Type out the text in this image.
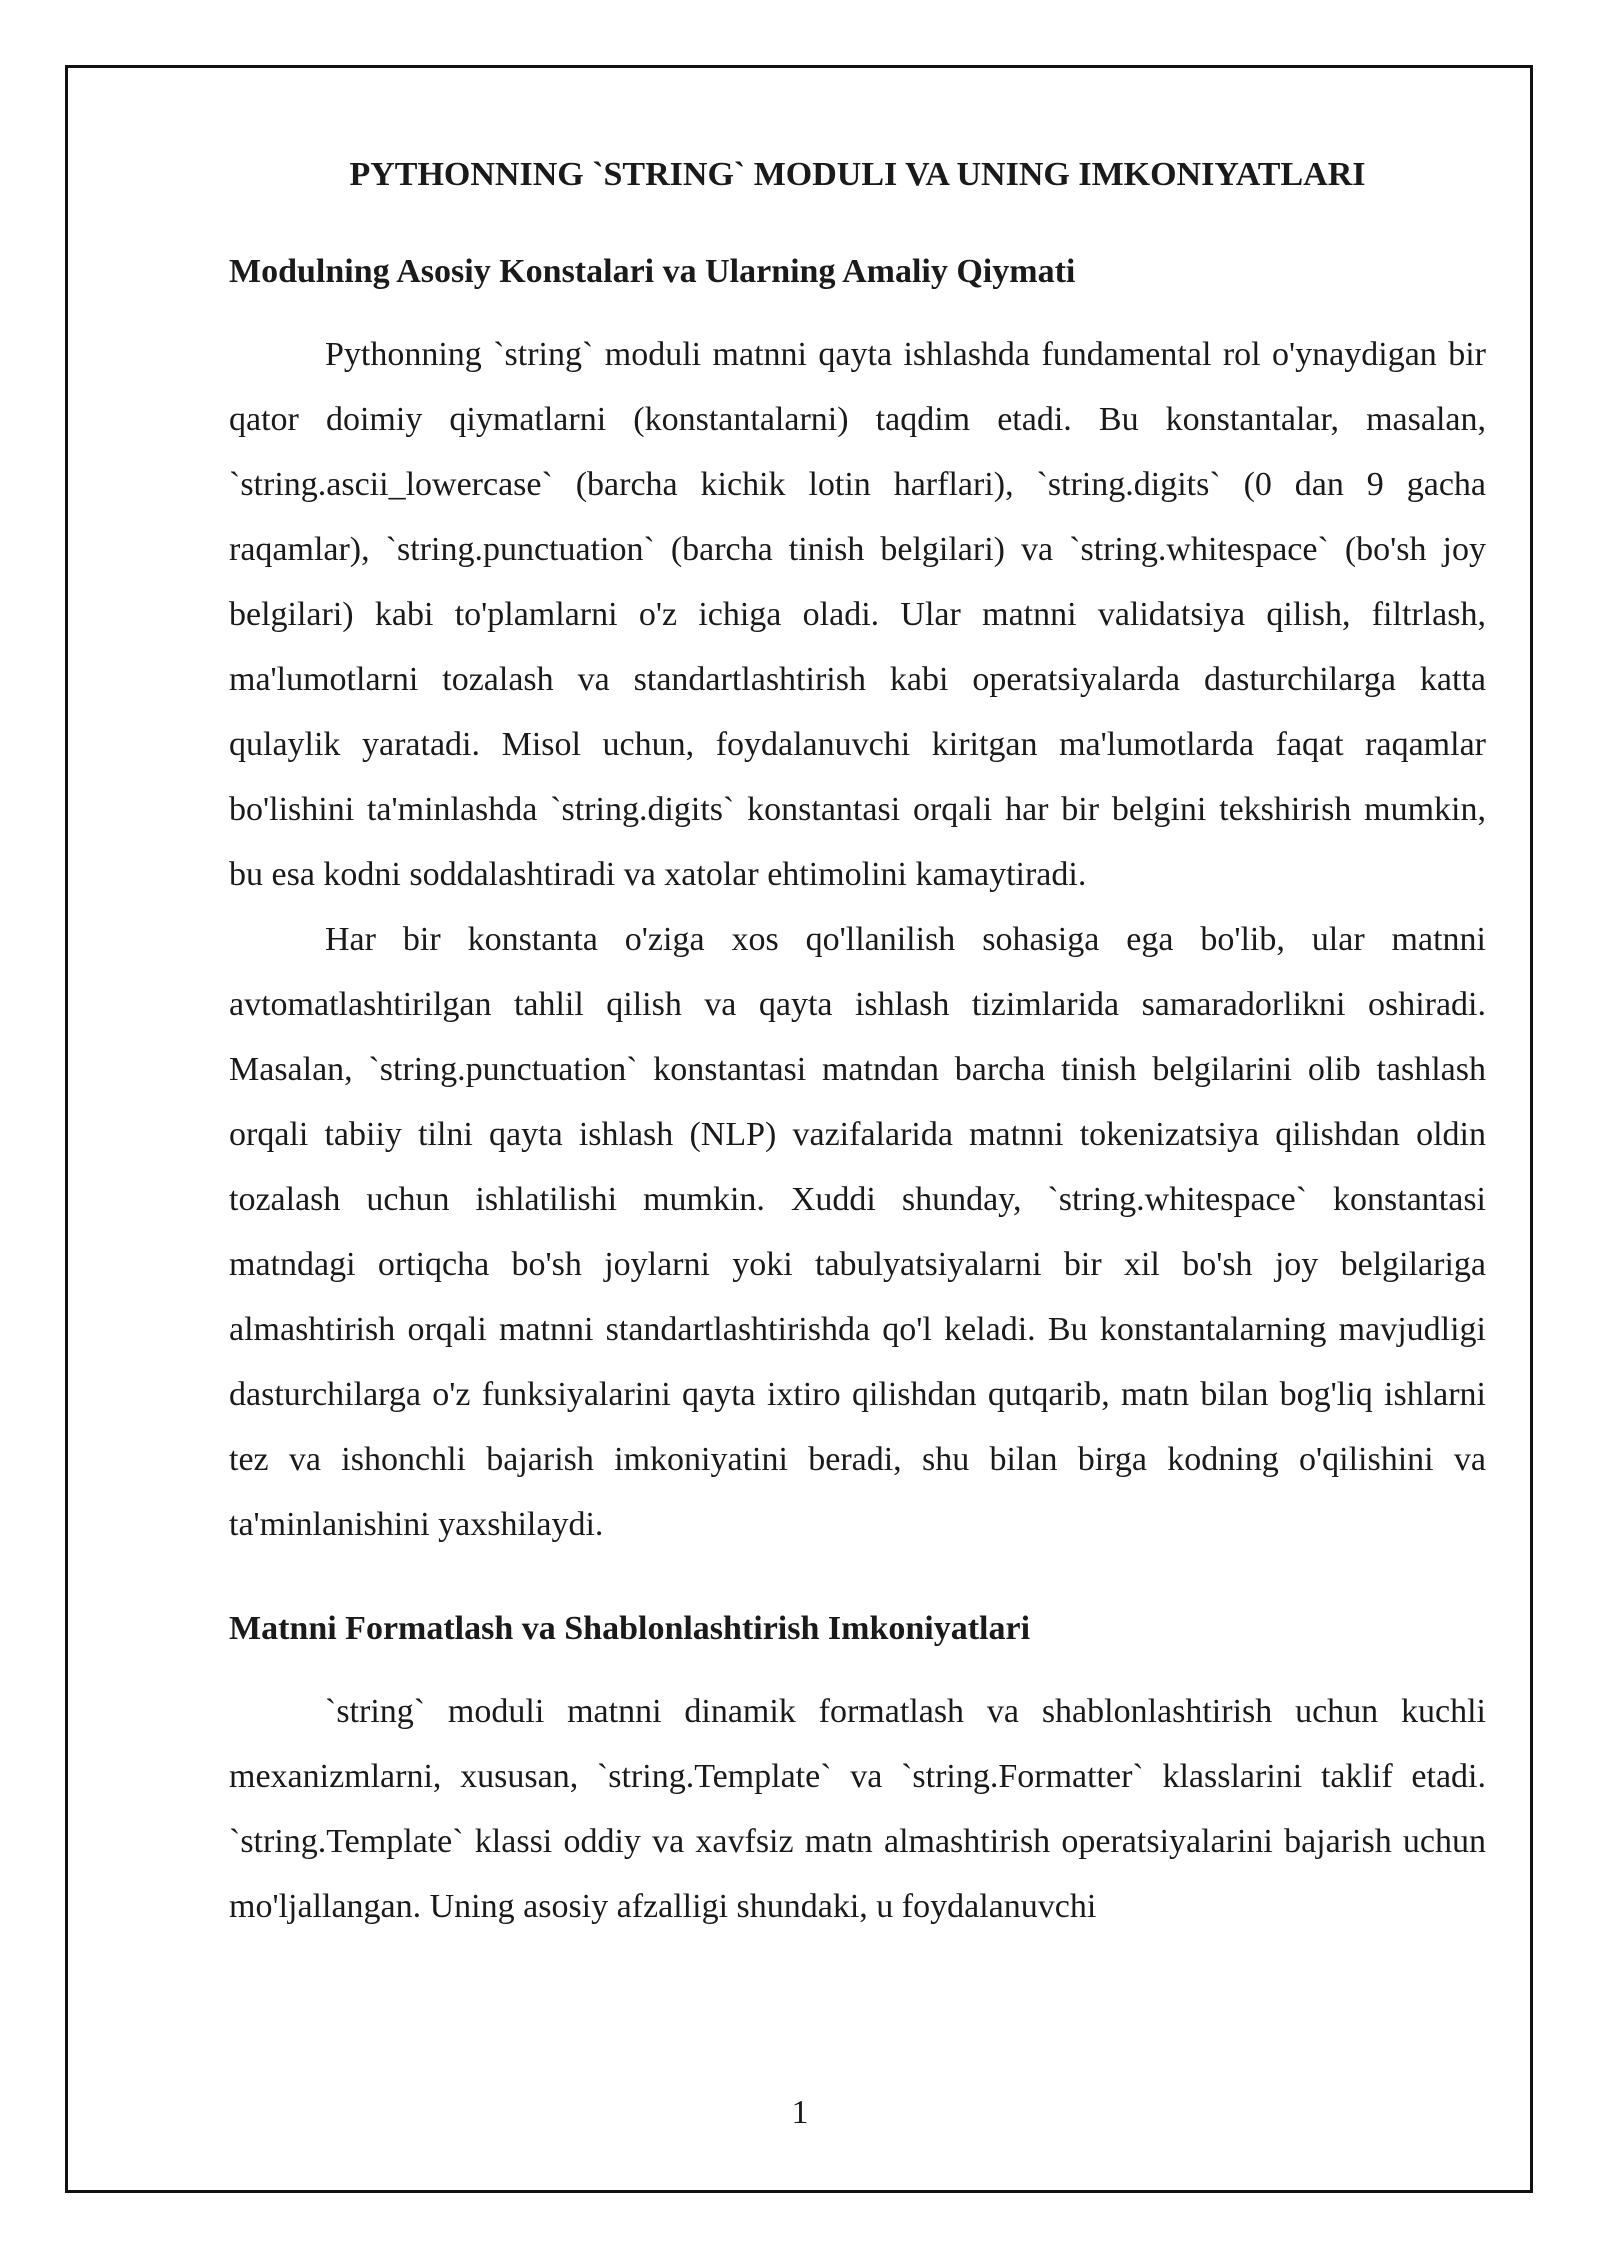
PYTHONNING `STRING` MODULI VA UNING IMKONIYATLARI
Modulning Asosiy Konstalari va Ularning Amaliy Qiymati

Pythonning `string` moduli matnni qayta ishlashda fundamental rol o'ynaydigan bir qator doimiy qiymatlarni (konstantalarni) taqdim etadi. Bu konstantalar, masalan, `string.ascii_lowercase` (barcha kichik lotin harflari), `string.digits` (0 dan 9 gacha raqamlar), `string.punctuation` (barcha tinish belgilari) va `string.whitespace` (bo'sh joy belgilari) kabi to'plamlarni o'z ichiga oladi. Ular matnni validatsiya qilish, filtrlash, ma'lumotlarni tozalash va standartlashtirish kabi operatsiyalarda dasturchilarga katta qulaylik yaratadi. Misol uchun, foydalanuvchi kiritgan ma'lumotlarda faqat raqamlar bo'lishini ta'minlashda `string.digits` konstantasi orqali har bir belgini tekshirish mumkin, bu esa kodni soddalashtiradi va xatolar ehtimolini kamaytiradi.

Har bir konstanta o'ziga xos qo'llanilish sohasiga ega bo'lib, ular matnni avtomatlashtirilgan tahlil qilish va qayta ishlash tizimlarida samaradorlikni oshiradi. Masalan, `string.punctuation` konstantasi matndan barcha tinish belgilarini olib tashlash orqali tabiiy tilni qayta ishlash (NLP) vazifalarida matnni tokenizatsiya qilishdan oldin tozalash uchun ishlatilishi mumkin. Xuddi shunday, `string.whitespace` konstantasi matndagi ortiqcha bo'sh joylarni yoki tabulyatsiyalarni bir xil bo'sh joy belgilariga almashtirish orqali matnni standartlashtirishda qo'l keladi. Bu konstantalarning mavjudligi dasturchilarga o'z funksiyalarini qayta ixtiro qilishdan qutqarib, matn bilan bog'liq ishlarni tez va ishonchli bajarish imkoniyatini beradi, shu bilan birga kodning o'qilishini va ta'minlanishini yaxshilaydi.

Matnni Formatlash va Shablonlashtirish Imkoniyatlari

`string` moduli matnni dinamik formatlash va shablonlashtirish uchun kuchli mexanizmlarni, xususan, `string.Template` va `string.Formatter` klasslarini taklif etadi. `string.Template` klassi oddiy va xavfsiz matn almashtirish operatsiyalarini bajarish uchun mo'ljallangan. Uning asosiy afzalligi shundaki, u foydalanuvchi

1
